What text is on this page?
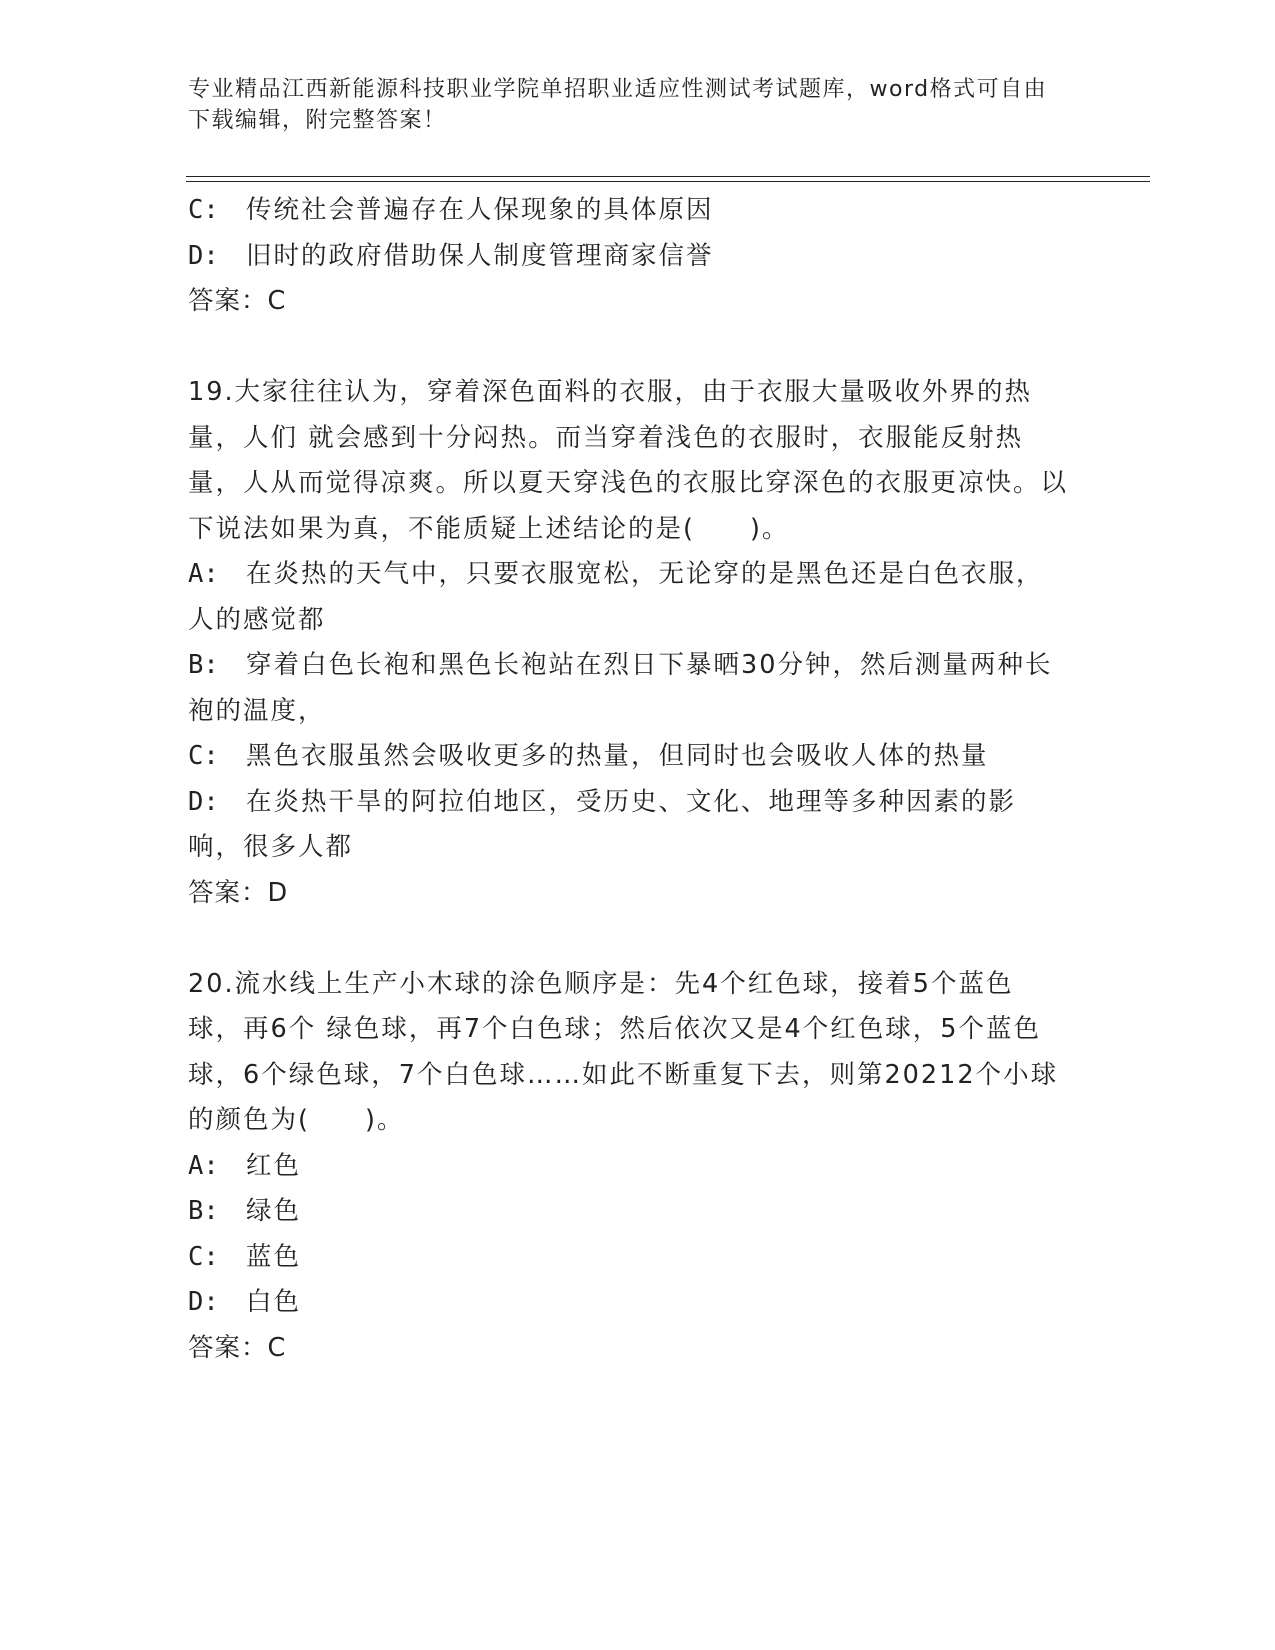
专业精品江西新能源科技职业学院单招职业适应性测试考试题库，word格式可自由下载编辑，附完整答案！
C:	传统社会普遍存在人保现象的具体原因
D:	旧时的政府借助保人制度管理商家信誉
答案：C

19.大家往往认为，穿着深色面料的衣服，由于衣服大量吸收外界的热量，人们 就会感到十分闷热。而当穿着浅色的衣服时，衣服能反射热量，人从而觉得凉爽。所以夏天穿浅色的衣服比穿深色的衣服更凉快。以下说法如果为真，不能质疑上述结论的是(　　)。

A: 在炎热的天气中，只要衣服宽松，无论穿的是黑色还是白色衣服，人的感觉都
B: 穿着白色长袍和黑色长袍站在烈日下暴晒30分钟，然后测量两种长袍的温度，
C: 黑色衣服虽然会吸收更多的热量，但同时也会吸收人体的热量
D: 在炎热干旱的阿拉伯地区，受历史、文化、地理等多种因素的影响，很多人都
答案：D

20.流水线上生产小木球的涂色顺序是：先4个红色球，接着5个蓝色球，再6个 绿色球，再7个白色球；然后依次又是4个红色球，5个蓝色球，6个绿色球，7个白色球……如此不断重复下去，则第20212个小球的颜色为(　　)。

A:	红色
B:	绿色
C:	蓝色
D:	白色
答案：C
